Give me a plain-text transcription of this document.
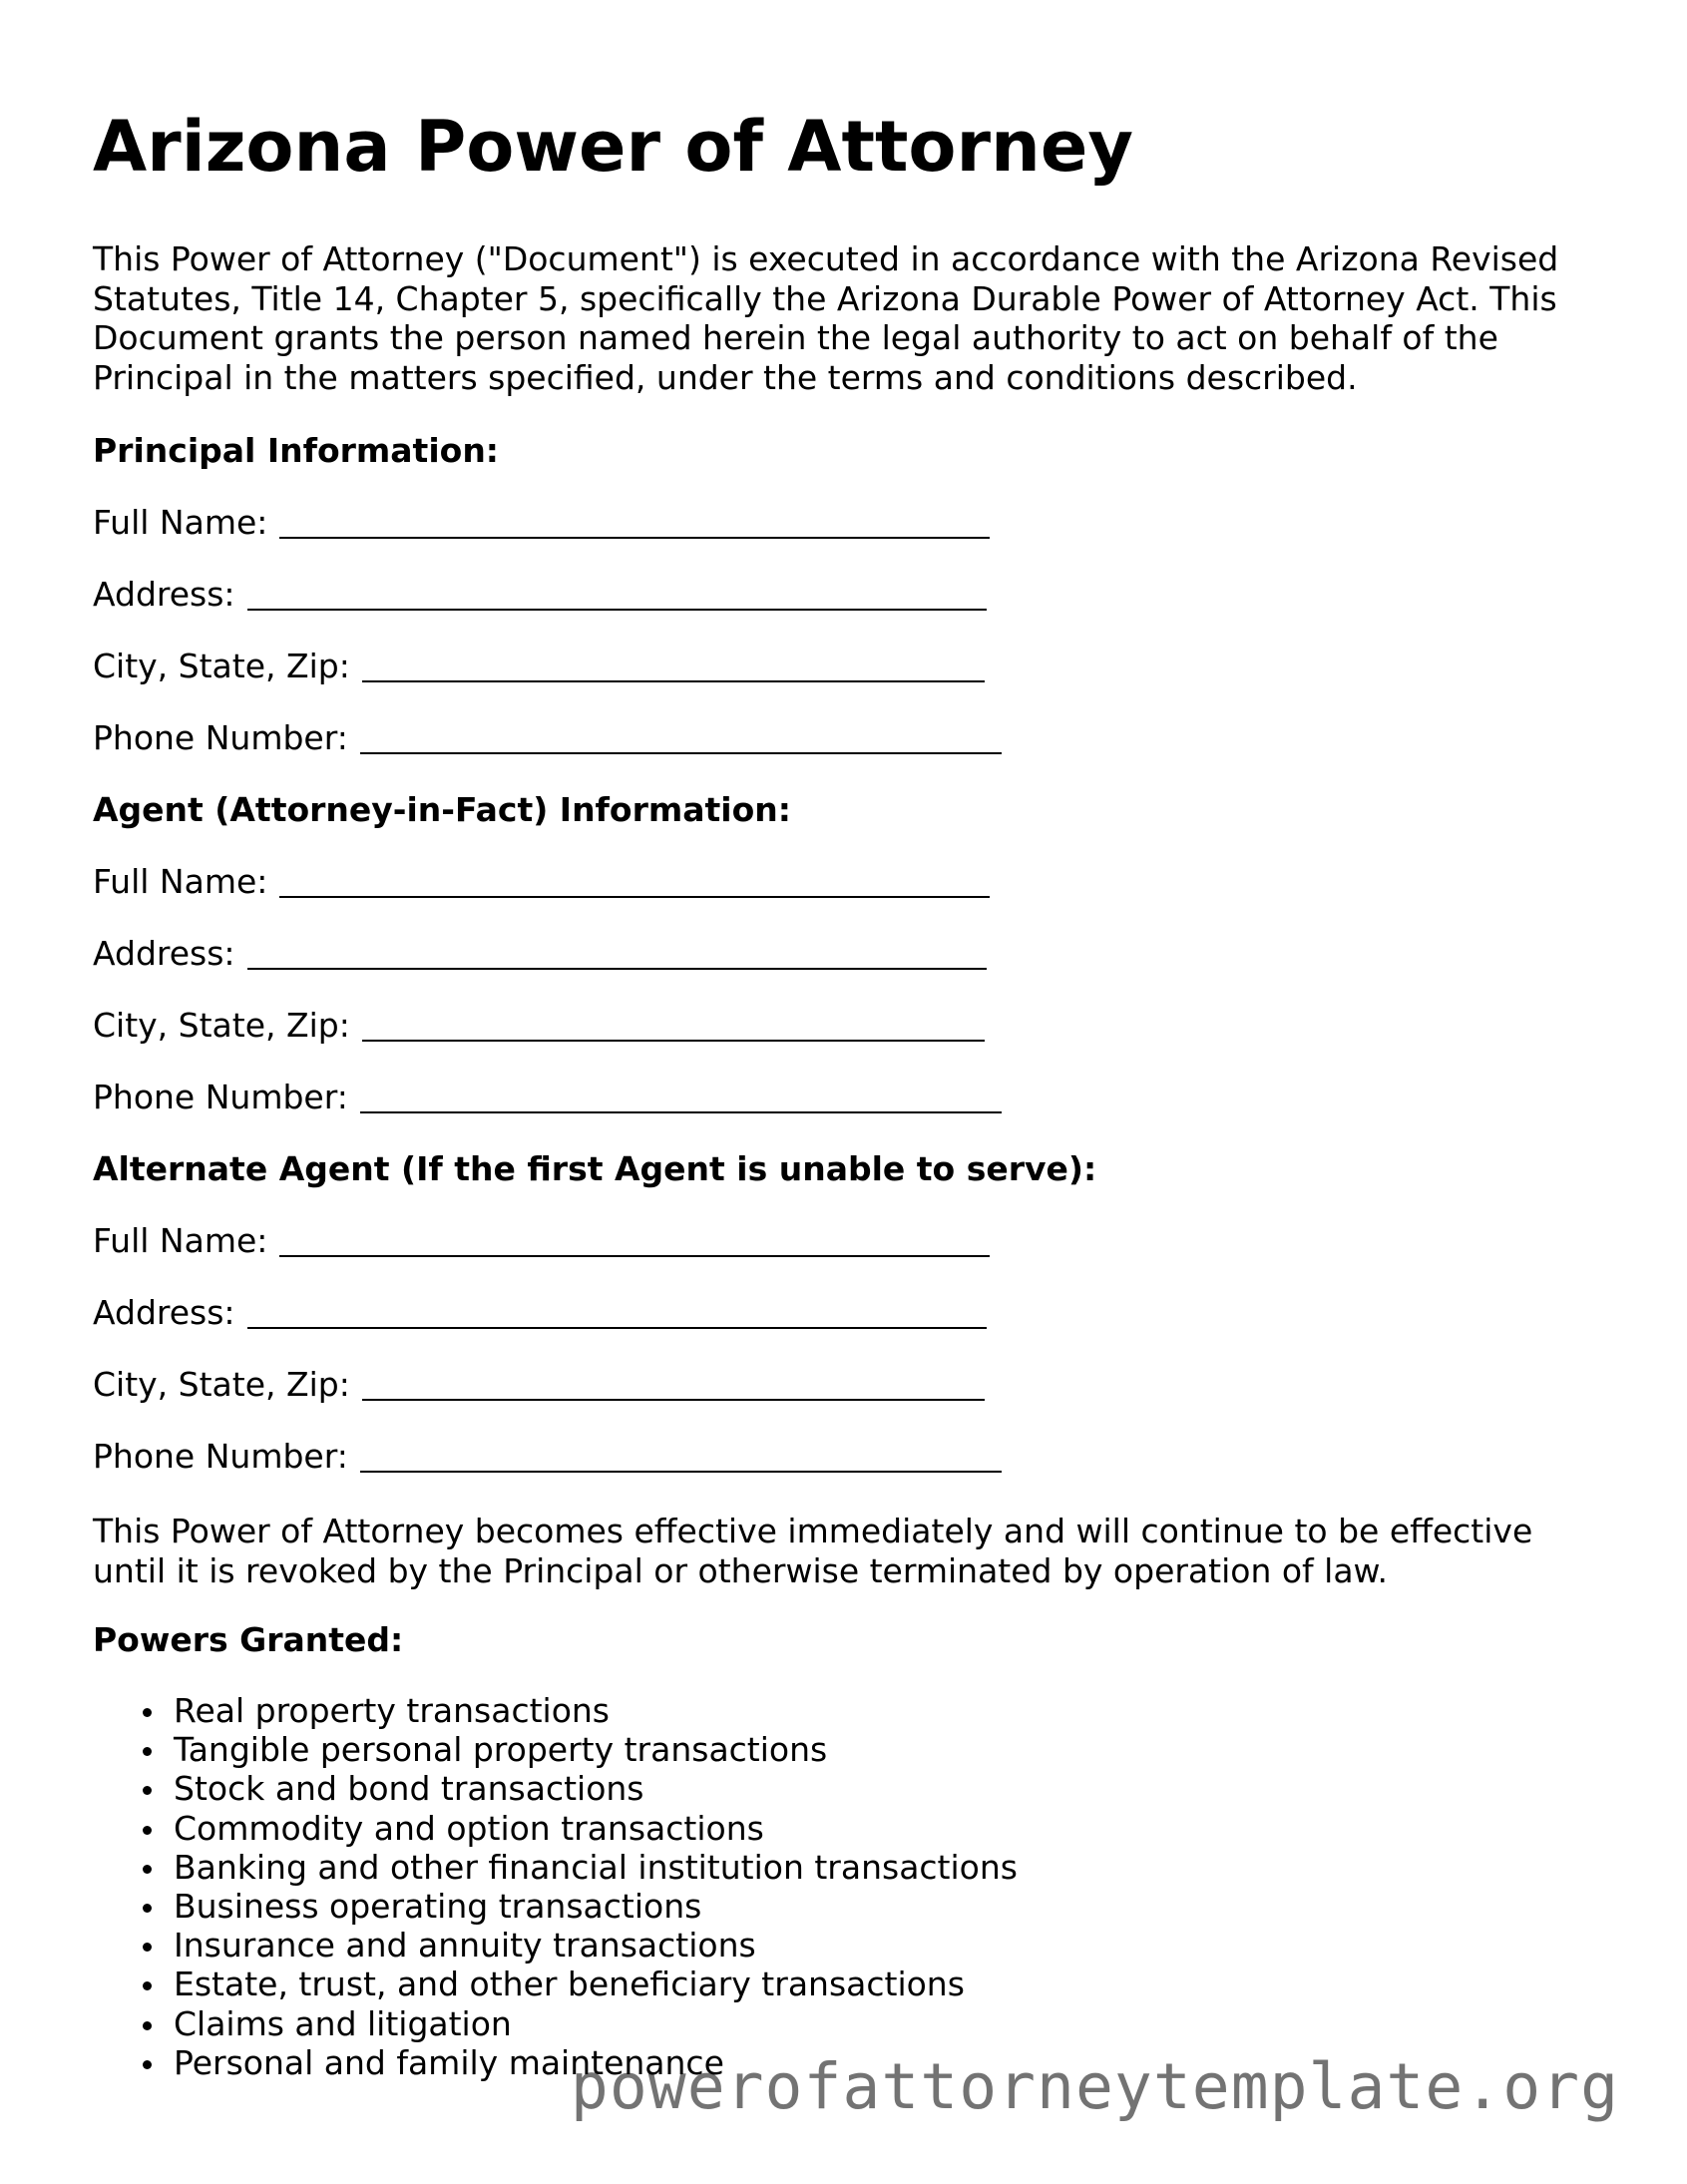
Arizona Power of Attorney

This Power of Attorney ("Document") is executed in accordance with the Arizona Revised Statutes, Title 14, Chapter 5, specifically the Arizona Durable Power of Attorney Act. This Document grants the person named herein the legal authority to act on behalf of the Principal in the matters specified, under the terms and conditions described.

Principal Information:

Full Name:

Address:

City, State, Zip:

Phone Number:

Agent (Attorney-in-Fact) Information:

Full Name:

Address:

City, State, Zip:

Phone Number:

Alternate Agent (If the first Agent is unable to serve):

Full Name:

Address:

City, State, Zip:

Phone Number:

This Power of Attorney becomes effective immediately and will continue to be effective until it is revoked by the Principal or otherwise terminated by operation of law.

Powers Granted:

Real property transactions
Tangible personal property transactions
Stock and bond transactions
Commodity and option transactions
Banking and other financial institution transactions
Business operating transactions
Insurance and annuity transactions
Estate, trust, and other beneficiary transactions
Claims and litigation
Personal and family maintenance
powerofattorneytemplate.org
